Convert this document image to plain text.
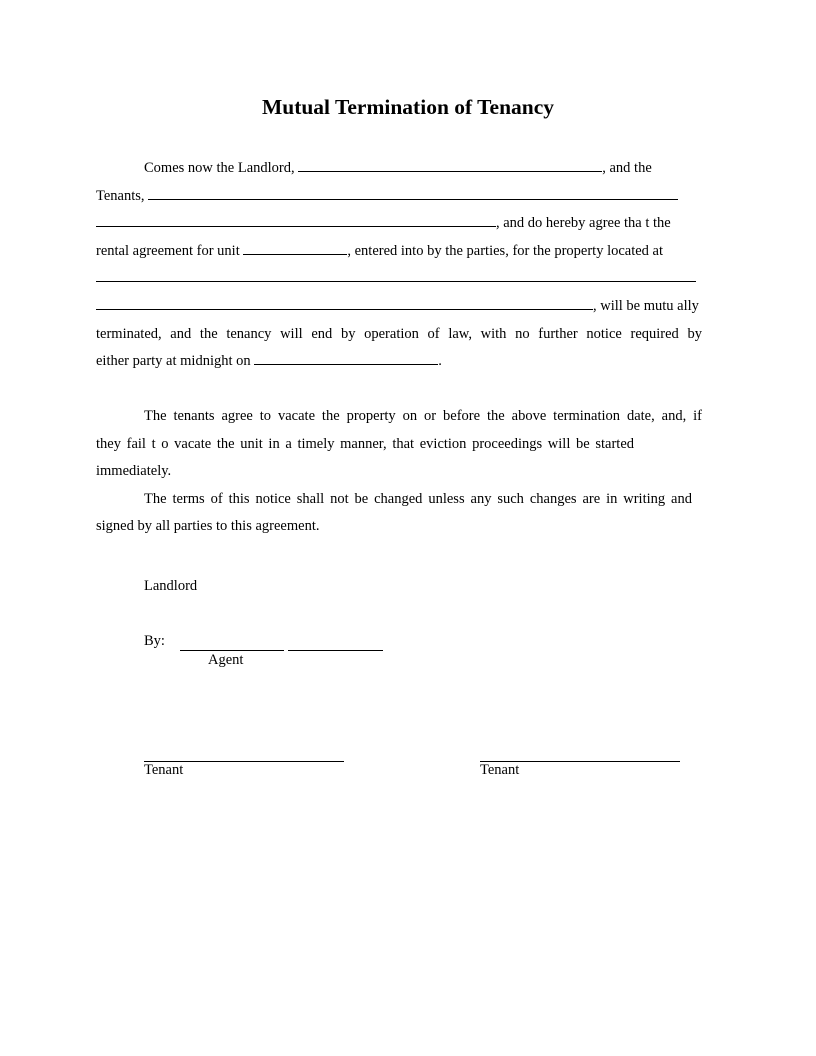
Mutual Termination of Tenancy
Comes now the Landlord,	, and the
Tenants,
, and do hereby agree tha t the
rental agreement for unit	, entered into by the parties, for the property located at
, will be mutu ally
terminated, and the tenancy will end by operation of law, with no further notice required by
either party at midnight on	.
The tenants agree to vacate the property on or before the above termination date, and, if
they fail t o vacate the unit in a timely manner, that eviction proceedings will be started
immediately.
The terms of this notice shall not be changed unless any such changes are in writing and
signed by all parties to this agreement.
Landlord
By:
Agent
Tenant	Tenant
